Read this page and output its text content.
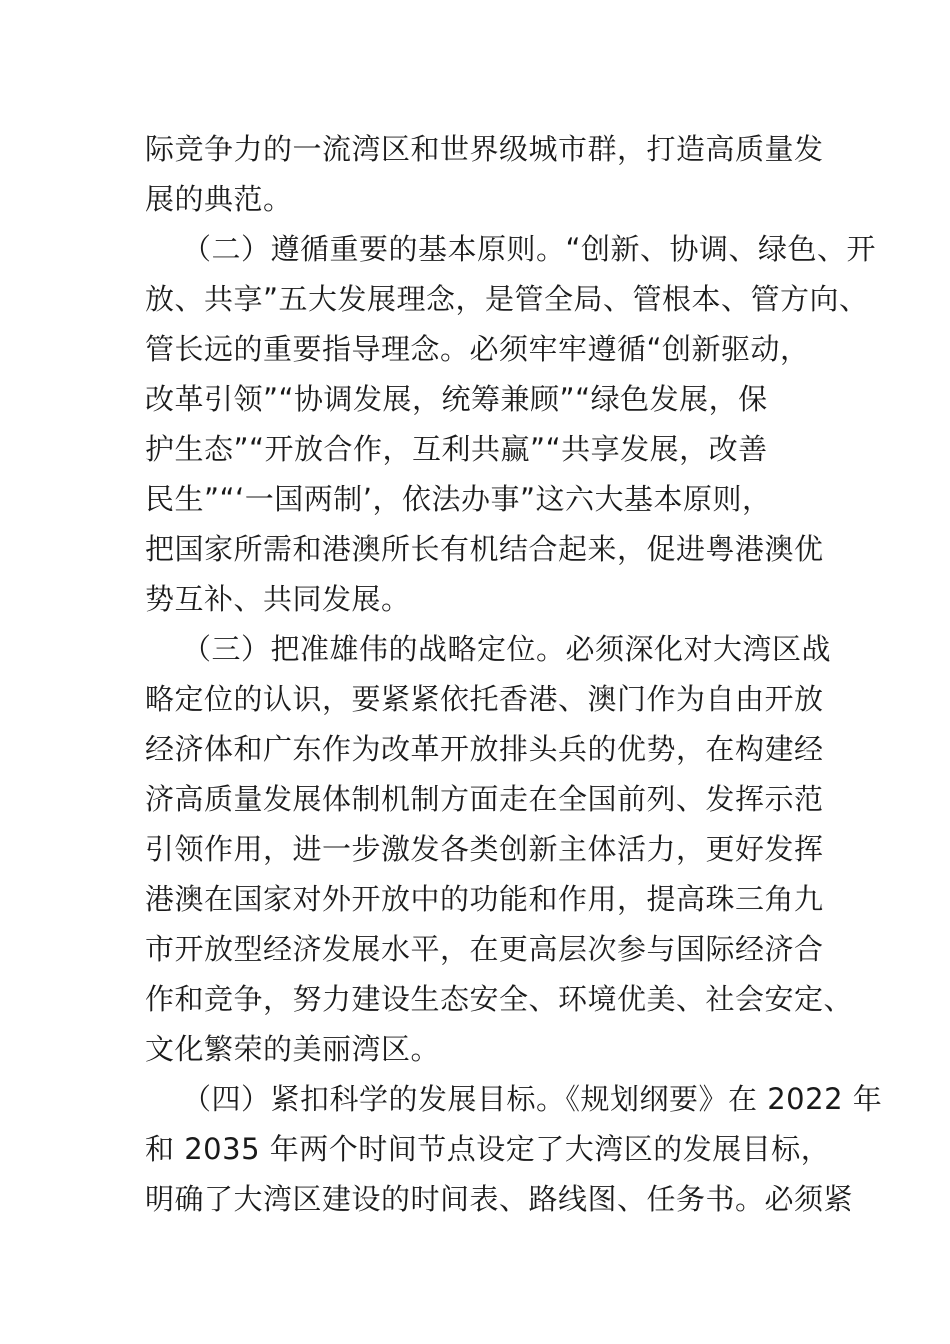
际竞争力的一流湾区和世界级城市群，打造高质量发
展的典范。
（二）遵循重要的基本原则。“创新、协调、绿色、开
放、共享”五大发展理念，是管全局、管根本、管方向、
管长远的重要指导理念。必须牢牢遵循“创新驱动，
改革引领”“协调发展，统筹兼顾”“绿色发展，保
护生态”“开放合作，互利共赢”“共享发展，改善
民生”“‘一国两制’，依法办事”这六大基本原则，
把国家所需和港澳所长有机结合起来，促进粤港澳优
势互补、共同发展。
（三）把准雄伟的战略定位。必须深化对大湾区战
略定位的认识，要紧紧依托香港、澳门作为自由开放
经济体和广东作为改革开放排头兵的优势，在构建经
济高质量发展体制机制方面走在全国前列、发挥示范
引领作用，进一步激发各类创新主体活力，更好发挥
港澳在国家对外开放中的功能和作用，提高珠三角九
市开放型经济发展水平，在更高层次参与国际经济合
作和竞争，努力建设生态安全、环境优美、社会安定、
文化繁荣的美丽湾区。
（四）紧扣科学的发展目标。《规划纲要》在 2022 年
和 2035 年两个时间节点设定了大湾区的发展目标，
明确了大湾区建设的时间表、路线图、任务书。必须紧
